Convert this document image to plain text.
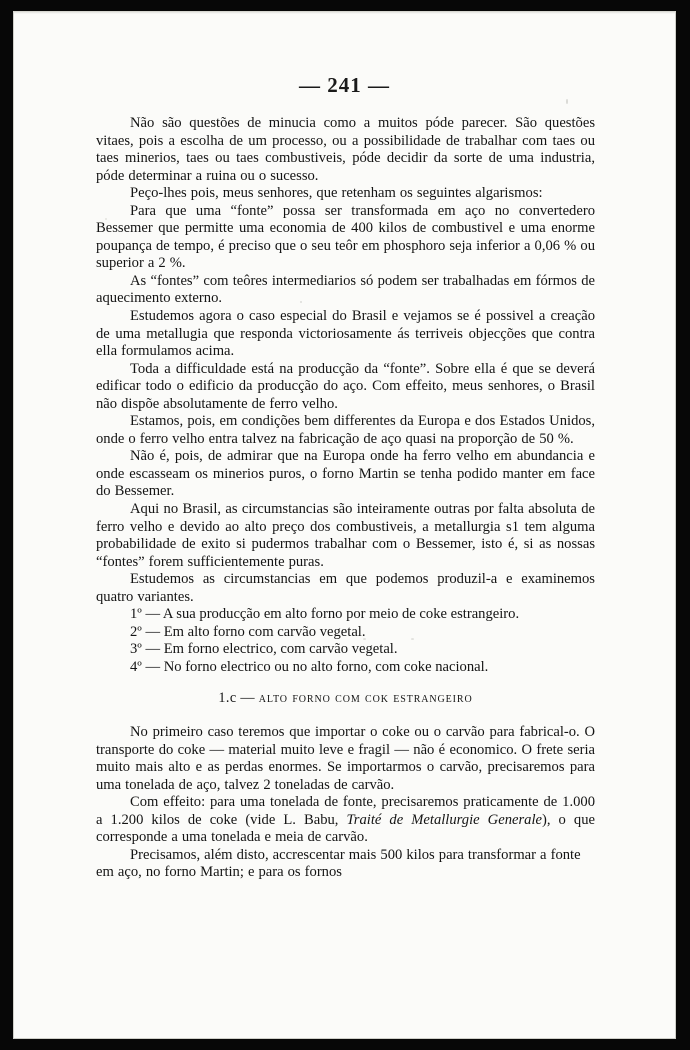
— 241 —

Não são questões de minucia como a muitos póde parecer. São questões vitaes, pois a escolha de um processo, ou a possibilidade de trabalhar com taes ou taes minerios, taes ou taes combustiveis, póde decidir da sorte de uma industria, póde determinar a ruina ou o sucesso.

Peço-lhes pois, meus senhores, que retenham os seguintes algarismos:

Para que uma “fonte” possa ser transformada em aço no convertedero Bessemer que permitte uma economia de 400 kilos de combustivel e uma enorme poupança de tempo, é preciso que o seu teôr em phosphoro seja inferior a 0,06 % ou superior a 2 %.

As “fontes” com teôres intermediarios só podem ser trabalhadas em fórmos de aquecimento externo.

Estudemos agora o caso especial do Brasil e vejamos se é possivel a creação de uma metallugia que responda victoriosamente ás terriveis objecções que contra ella formulamos acima.

Toda a difficuldade está na producção da “fonte”. Sobre ella é que se deverá edificar todo o edificio da producção do aço. Com effeito, meus senhores, o Brasil não dispõe absolutamente de ferro velho.

Estamos, pois, em condições bem differentes da Europa e dos Estados Unidos, onde o ferro velho entra talvez na fabricação de aço quasi na proporção de 50 %.

Não é, pois, de admirar que na Europa onde ha ferro velho em abundancia e onde escasseam os minerios puros, o forno Martin se tenha podido manter em face do Bessemer.

Aqui no Brasil, as circumstancias são inteiramente outras por falta absoluta de ferro velho e devido ao alto preço dos combustiveis, a metallurgia s1 tem alguma probabilidade de exito si pudermos trabalhar com o Bessemer, isto é, si as nossas “fontes” forem sufficientemente puras.

Estudemos as circumstancias em que podemos produzil-a e examinemos quatro variantes.

1º — A sua producção em alto forno por meio de coke estrangeiro.

2º — Em alto forno com carvão vegetal.

3º — Em forno electrico, com carvão vegetal.

4º — No forno electrico ou no alto forno, com coke nacional.

1.c — alto forno com cok estrangeiro

No primeiro caso teremos que importar o coke ou o carvão para fabrical-o. O transporte do coke — material muito leve e fragil — não é economico. O frete seria muito mais alto e as perdas enormes. Se importarmos o carvão, precisaremos para uma tonelada de aço, talvez 2 toneladas de carvão.

Com effeito: para uma tonelada de fonte, precisaremos praticamente de 1.000 a 1.200 kilos de coke (vide L. Babu, Traité de Metallurgie Generale), o que corresponde a uma tonelada e meia de carvão.

Precisamos, além disto, accrescentar mais 500 kilos para transformar a fonte em aço, no forno Martin; e para os fornos
